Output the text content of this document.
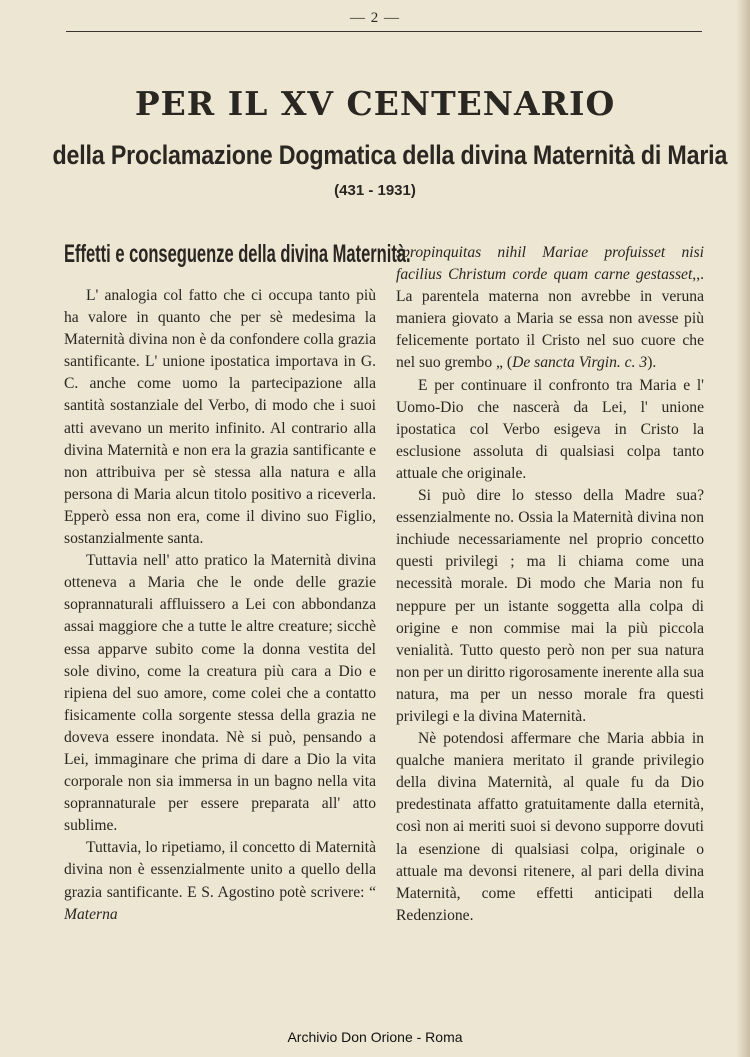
— 2 —
PER IL XV CENTENARIO
della Proclamazione Dogmatica della divina Maternità di Maria
(431 - 1931)
Effetti e conseguenze della divina Maternità.

L' analogia col fatto che ci occupa tanto più ha valore in quanto che per sè medesima la Maternità divina non è da confondere colla grazia santificante. L' unione ipostatica importava in G. C. anche come uomo la partecipazione alla santità sostanziale del Verbo, di modo che i suoi atti avevano un merito infinito. Al contrario alla divina Maternità e non era la grazia santificante e non attribuiva per sè stessa alla natura e alla persona di Maria alcun titolo positivo a riceverla. Epperò essa non era, come il divino suo Figlio, sostanzialmente santa.

Tuttavia nell' atto pratico la Maternità divina otteneva a Maria che le onde delle grazie soprannaturali affluissero a Lei con abbondanza assai maggiore che a tutte le altre creature; sicchè essa apparve subito come la donna vestita del sole divino, come la creatura più cara a Dio e ripiena del suo amore, come colei che a contatto fisicamente colla sorgente stessa della grazia ne doveva essere inondata. Nè si può, pensando a Lei, immaginare che prima di dare a Dio la vita corporale non sia immersa in un bagno nella vita soprannaturale per essere preparata all' atto sublime.

Tuttavia, lo ripetiamo, il concetto di Maternità divina non è essenzialmente unito a quello della grazia santificante. E S. Agostino potè scrivere: “ Materna

spropinquitas nihil Mariae profuisset nisi facilius Christum corde quam carne gestasset,,. La parentela materna non avrebbe in veruna maniera giovato a Maria se essa non avesse più felicemente portato il Cristo nel suo cuore che nel suo grembo „ (De sancta Virgin. c. 3).

E per continuare il confronto tra Maria e l' Uomo-Dio che nascerà da Lei, l' unione ipostatica col Verbo esigeva in Cristo la esclusione assoluta di qualsiasi colpa tanto attuale che originale.

Si può dire lo stesso della Madre sua? essenzialmente no. Ossia la Maternità divina non inchiude necessariamente nel proprio concetto questi privilegi ; ma li chiama come una necessità morale. Di modo che Maria non fu neppure per un istante soggetta alla colpa di origine e non commise mai la più piccola venialità. Tutto questo però non per sua natura non per un diritto rigorosamente inerente alla sua natura, ma per un nesso morale fra questi privilegi e la divina Maternità.

Nè potendosi affermare che Maria abbia in qualche maniera meritato il grande privilegio della divina Maternità, al quale fu da Dio predestinata affatto gratuitamente dalla eternità, così non ai meriti suoi si devono supporre dovuti la esenzione di qualsiasi colpa, originale o attuale ma devonsi ritenere, al pari della divina Maternità, come effetti anticipati della Redenzione.

Archivio Don Orione - Roma
